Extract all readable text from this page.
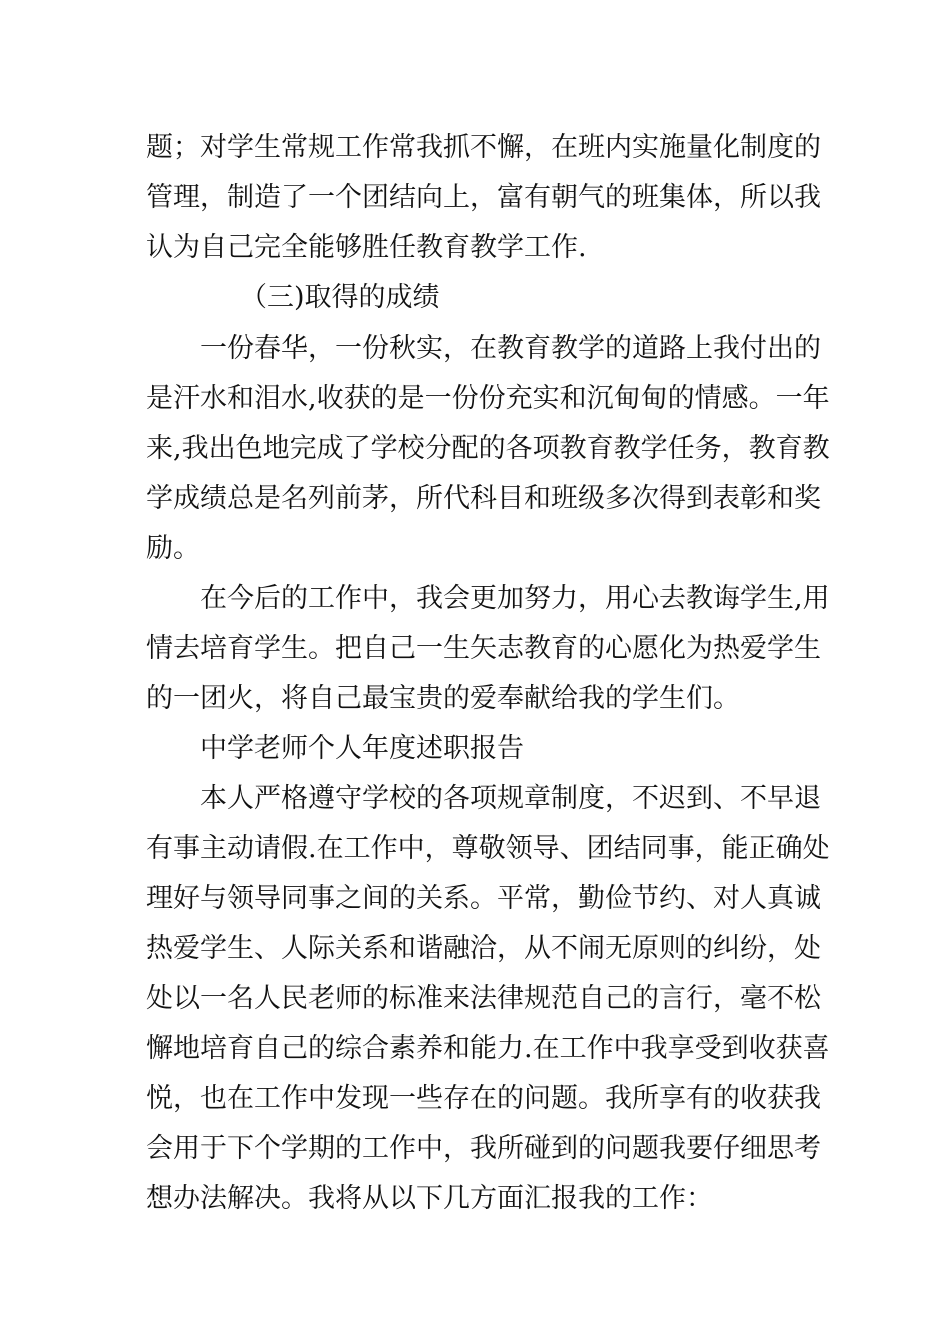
题；对学生常规工作常我抓不懈，在班内实施量化制度的
管理，制造了一个团结向上，富有朝气的班集体，所以我
认为自己完全能够胜任教育教学工作.
（三)取得的成绩
一份春华，一份秋实，在教育教学的道路上我付出的
是汗水和泪水,收获的是一份份充实和沉甸甸的情感。一年
来,我出色地完成了学校分配的各项教育教学任务，教育教
学成绩总是名列前茅，所代科目和班级多次得到表彰和奖
励。
在今后的工作中，我会更加努力，用心去教诲学生,用
情去培育学生。把自己一生矢志教育的心愿化为热爱学生
的一团火，将自己最宝贵的爱奉献给我的学生们。
中学老师个人年度述职报告
本人严格遵守学校的各项规章制度，不迟到、不早退
有事主动请假.在工作中，尊敬领导、团结同事，能正确处
理好与领导同事之间的关系。平常，勤俭节约、对人真诚
热爱学生、人际关系和谐融洽，从不闹无原则的纠纷，处
处以一名人民老师的标准来法律规范自己的言行，毫不松
懈地培育自己的综合素养和能力.在工作中我享受到收获喜
悦，也在工作中发现一些存在的问题。我所享有的收获我
会用于下个学期的工作中，我所碰到的问题我要仔细思考
想办法解决。我将从以下几方面汇报我的工作：
